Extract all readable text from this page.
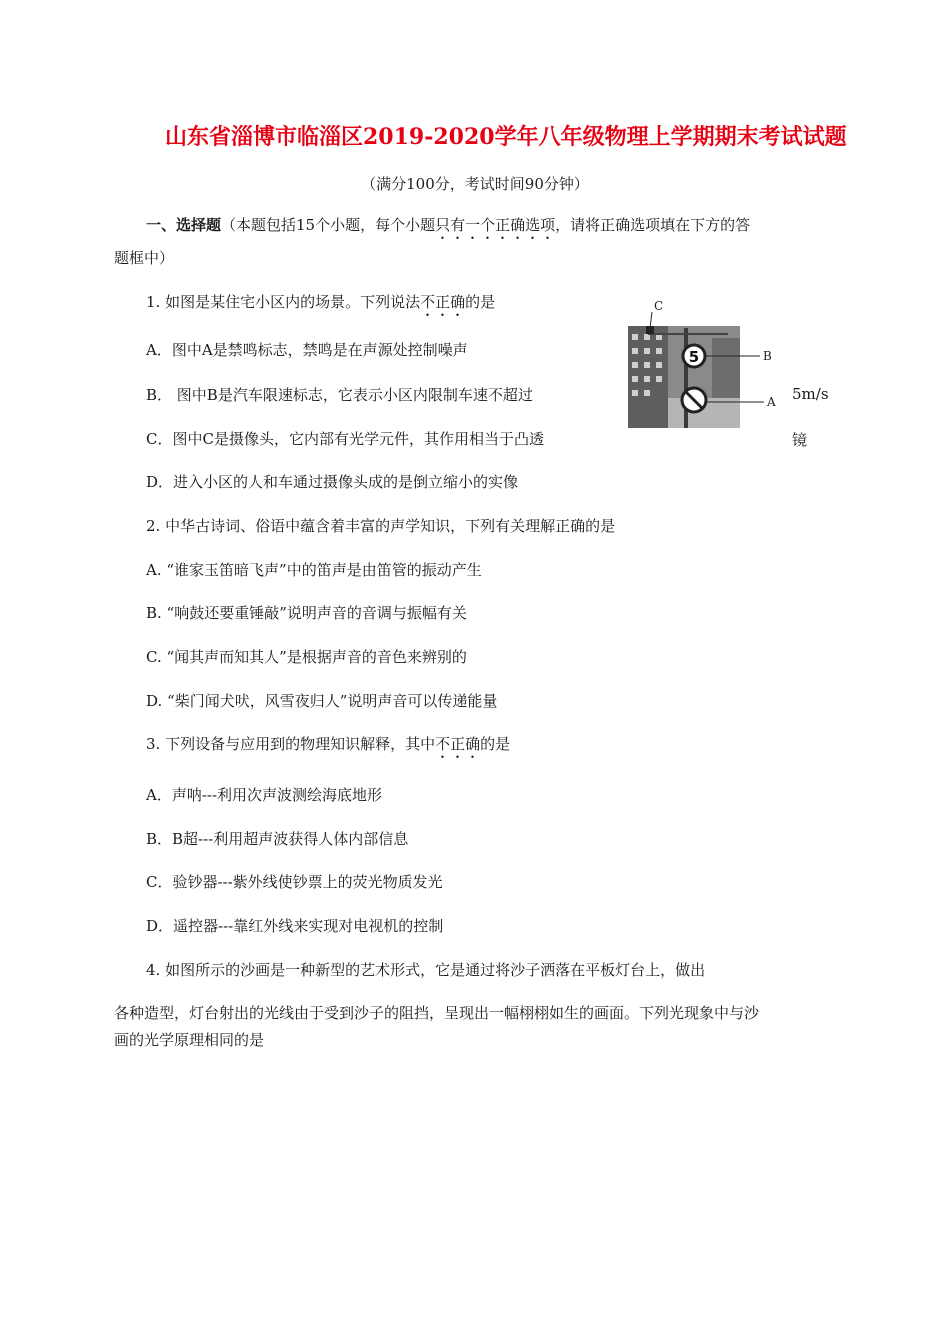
山东省淄博市临淄区2019-2020学年八年级物理上学期期末考试试题
（满分100分，考试时间90分钟）
一、选择题（本题包括15个小题，每个小题只有一个正确选项，请将正确选项填在下方的答
题框中）
1. 如图是某住宅小区内的场景。下列说法不正确的是
A．图中A是禁鸣标志，禁鸣是在声源处控制噪声
B． 图中B是汽车限速标志，它表示小区内限制车速不超过	5m/s
C．图中C是摄像头，它内部有光学元件，其作用相当于凸透	镜
D．进入小区的人和车通过摄像头成的是倒立缩小的实像
5
C
B
A
2. 中华古诗词、俗语中蕴含着丰富的声学知识，下列有关理解正确的是
A. “谁家玉笛暗飞声”中的笛声是由笛管的振动产生
B. “响鼓还要重锤敲”说明声音的音调与振幅有关
C. “闻其声而知其人”是根据声音的音色来辨别的
D. “柴门闻犬吠，风雪夜归人”说明声音可以传递能量
3. 下列设备与应用到的物理知识解释，其中不正确的是
A．声呐---利用次声波测绘海底地形
B．B超---利用超声波获得人体内部信息
C．验钞器---紫外线使钞票上的荧光物质发光
D．遥控器---靠红外线来实现对电视机的控制
4. 如图所示的沙画是一种新型的艺术形式，它是通过将沙子洒落在平板灯台上，做出
各种造型，灯台射出的光线由于受到沙子的阻挡，呈现出一幅栩栩如生的画面。下列光现象中与沙
画的光学原理相同的是
